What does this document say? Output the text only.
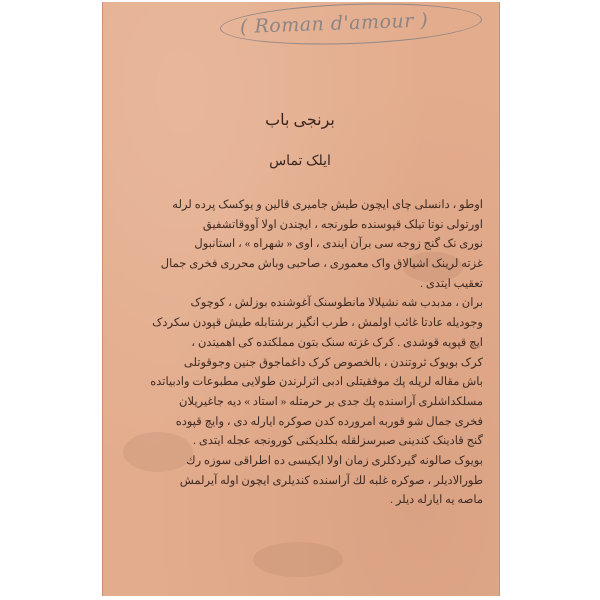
( Roman d'amour )
برنجی باب
ایلک تماس

اوطو ، دانسلی چای ایچون طیش جامیری قالین و یوکسک پرده لرله
اورتولی نوتا تیلک قپوسنده طورنجه ، ایچندن اولا آووقاتشفیق
نوری نک گنج زوجه سی برآن ایندی ، اوی « شهراه » ، استانبول
غزته لرینک اشیالاق واک معموری ، صاحبی وباش محرری فخری جمال
تعقیب ایتدی .

بران ، مدبدب شه نشیلالا مانطوسنک آغوشنده بوزلش ، کوچوک
وجودیله عادتا غائب اولمش ، طرب انگیز برشتابله طیش قپودن سکردک
ایچ قپویه قوشدی . کرک غزته سنک بتون مملکتده کی اهمیتدن ،
کرک بویوک ثروتندن ، بالخصوص کرک داغماجوق جنین وجوقوتلی
باش مقاله لریله پك موفقیتلی ادبی اثرلرندن طولایی مطبوعات وادبیاتده
مسلکداشلری آراسنده پك جدی بر حرمتله « استاد » دیه جاغیریلان
فخری جمال شو قوربه امرورده کدن صوکره ایارله دی ، وایچ قپوده
گنج قادینک کندینی صبرسزلقله بکلدیکنی کورونجه عجله ایتدی .

بویوک صالونه گیردکلری زمان اولا ایکیسی ده اطراقی سوزه رك
طورالادیلر ، صوکره غلبه لك آراسنده کندیلری ایچون اوله آیرلمش
ماصه یه ایارله دیلر .
